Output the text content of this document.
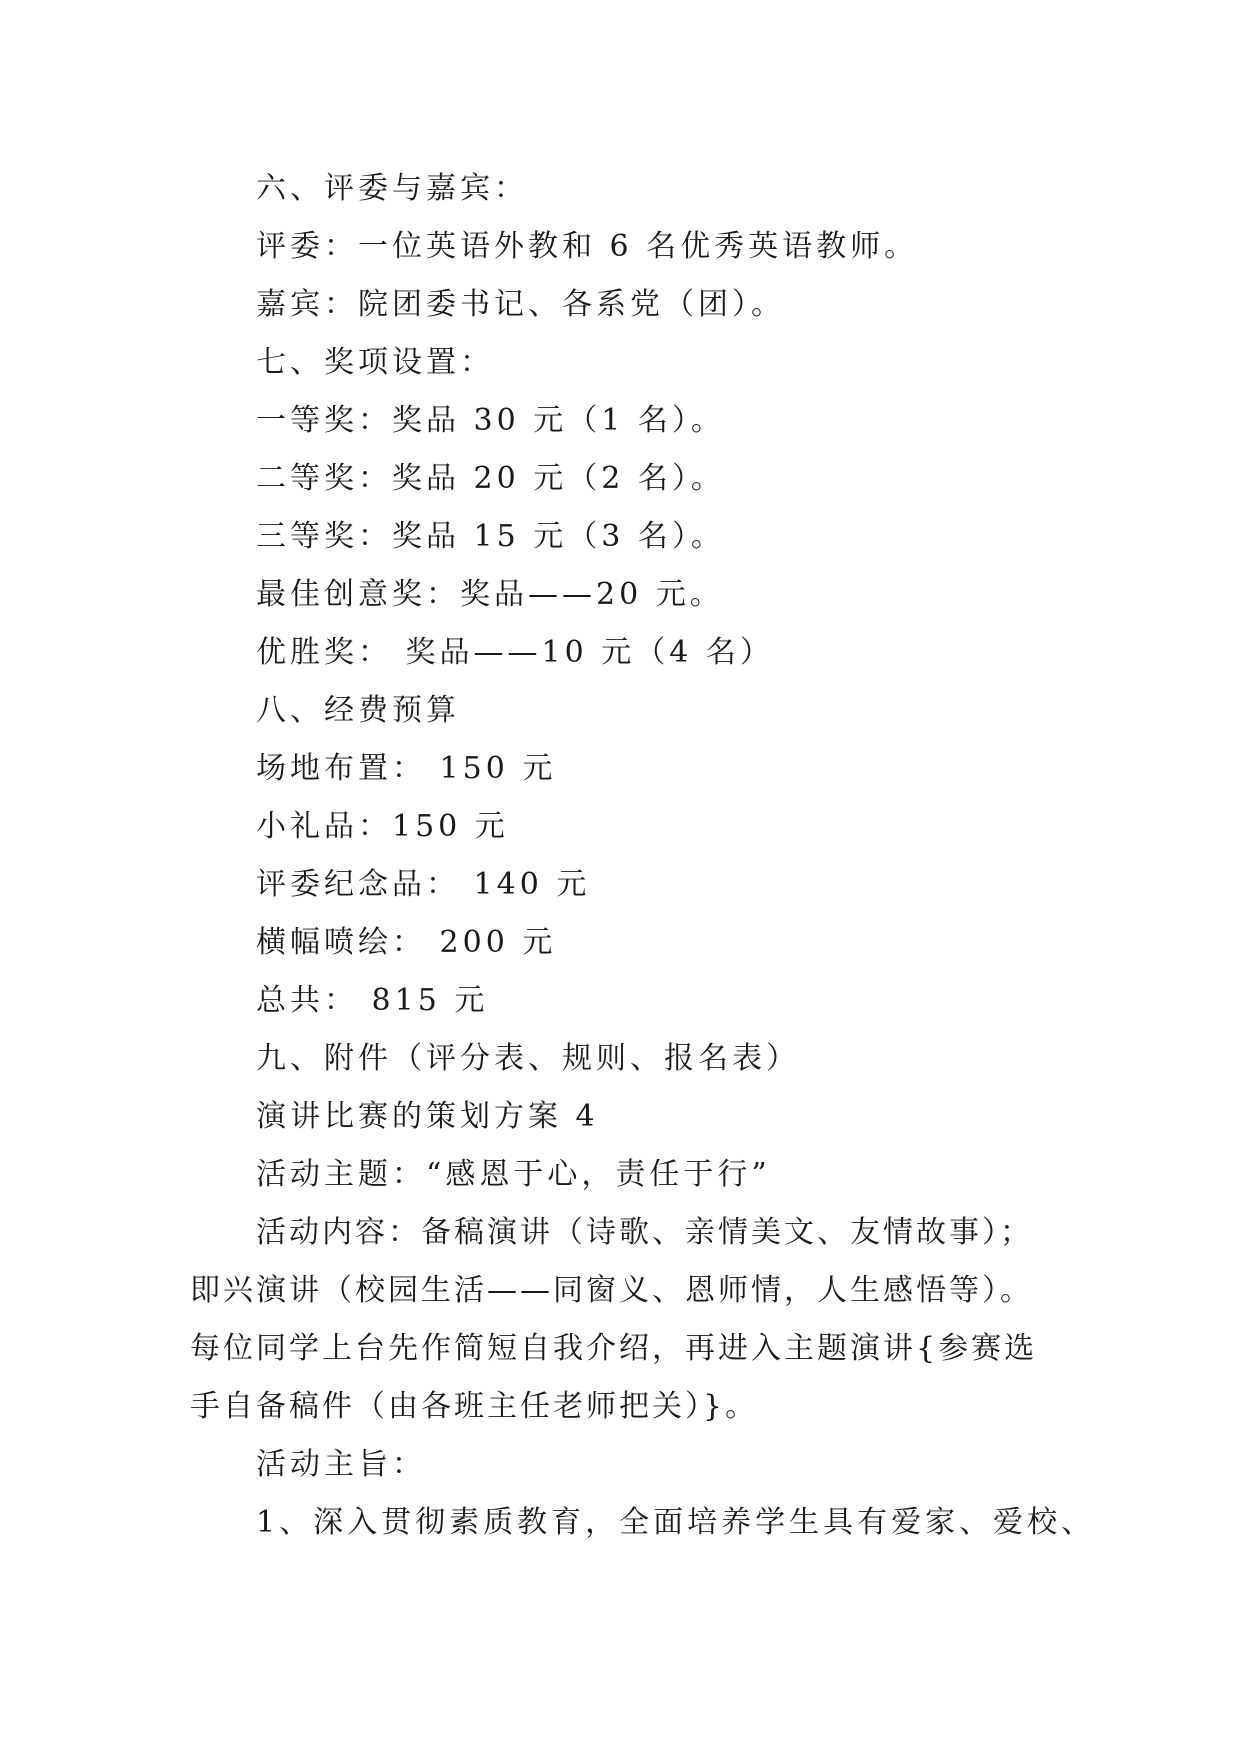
六、评委与嘉宾：

评委：一位英语外教和 6 名优秀英语教师。

嘉宾：院团委书记、各系党（团）。

七、奖项设置：

一等奖：奖品 30 元（1 名）。

二等奖：奖品 20 元（2 名）。

三等奖：奖品 15 元（3 名）。

最佳创意奖：奖品——20 元。

优胜奖： 奖品——10 元（4 名）

八、经费预算

场地布置： 150 元

小礼品：150 元

评委纪念品： 140 元

横幅喷绘： 200 元

总共： 815 元

九、附件（评分表、规则、报名表）

演讲比赛的策划方案 4

活动主题：“感恩于心，责任于行”

活动内容：备稿演讲（诗歌、亲情美文、友情故事）；即兴演讲（校园生活——同窗义、恩师情，人生感悟等）。每位同学上台先作简短自我介绍，再进入主题演讲{参赛选手自备稿件（由各班主任老师把关）}。

活动主旨：

1、深入贯彻素质教育，全面培养学生具有爱家、爱校、
